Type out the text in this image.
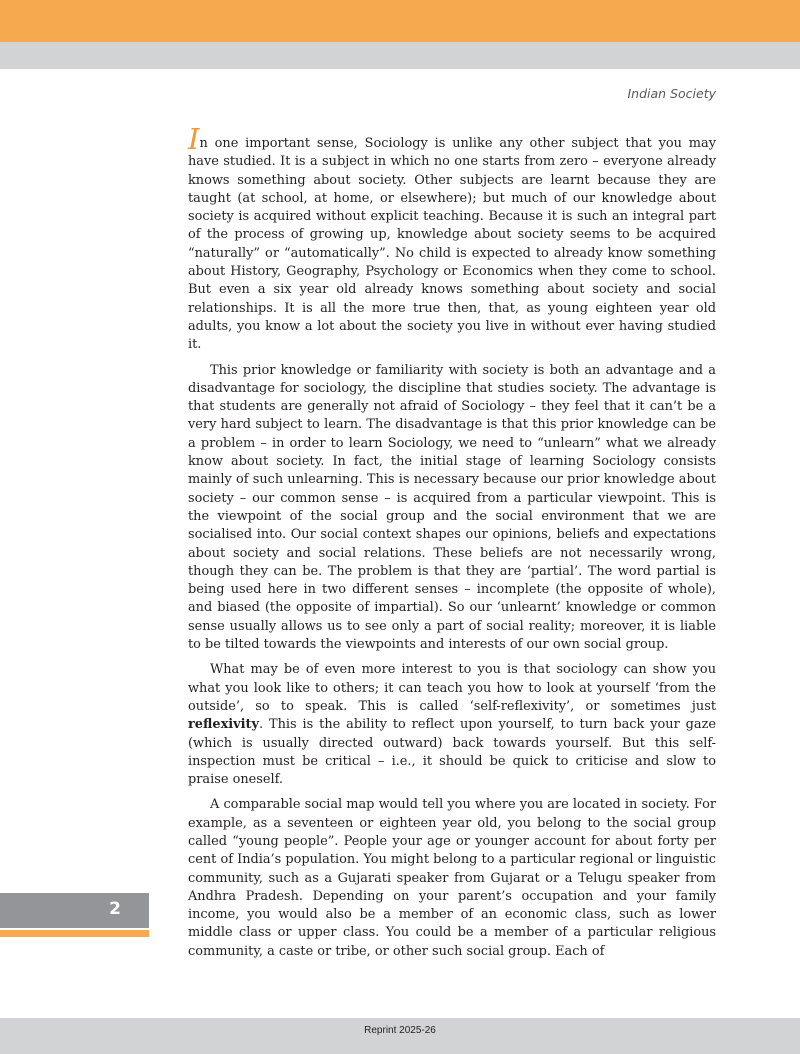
Indian Society

In one important sense, Sociology is unlike any other subject that you may have studied. It is a subject in which no one starts from zero – everyone already knows something about society. Other subjects are learnt because they are taught (at school, at home, or elsewhere); but much of our knowledge about society is acquired without explicit teaching. Because it is such an integral part of the process of growing up, knowledge about society seems to be acquired “naturally” or “automatically”. No child is expected to already know something about History, Geography, Psychology or Economics when they come to school. But even a six year old already knows something about society and social relationships. It is all the more true then, that, as young eighteen year old adults, you know a lot about the society you live in without ever having studied it.

This prior knowledge or familiarity with society is both an advantage and a disadvantage for sociology, the discipline that studies society. The advantage is that students are generally not afraid of Sociology – they feel that it can’t be a very hard subject to learn. The disadvantage is that this prior knowledge can be a problem – in order to learn Sociology, we need to “unlearn” what we already know about society. In fact, the initial stage of learning Sociology consists mainly of such unlearning. This is necessary because our prior knowledge about society – our common sense – is acquired from a particular viewpoint. This is the viewpoint of the social group and the social environment that we are socialised into. Our social context shapes our opinions, beliefs and expectations about society and social relations. These beliefs are not necessarily wrong, though they can be. The problem is that they are ‘partial’. The word partial is being used here in two different senses – incomplete (the opposite of whole), and biased (the opposite of impartial). So our ‘unlearnt’ knowledge or common sense usually allows us to see only a part of social reality; moreover, it is liable to be tilted towards the viewpoints and interests of our own social group.

What may be of even more interest to you is that sociology can show you what you look like to others; it can teach you how to look at yourself ‘from the outside’, so to speak. This is called ‘self-reflexivity’, or sometimes just reflexivity. This is the ability to reflect upon yourself, to turn back your gaze (which is usually directed outward) back towards yourself. But this self-inspection must be critical – i.e., it should be quick to criticise and slow to praise oneself.

A comparable social map would tell you where you are located in society. For example, as a seventeen or eighteen year old, you belong to the social group called “young people”. People your age or younger account for about forty per cent of India’s population. You might belong to a particular regional or linguistic community, such as a Gujarati speaker from Gujarat or a Telugu speaker from Andhra Pradesh. Depending on your parent’s occupation and your family income, you would also be a member of an economic class, such as lower middle class or upper class. You could be a member of a particular religious community, a caste or tribe, or other such social group. Each of

2
Reprint 2025-26
